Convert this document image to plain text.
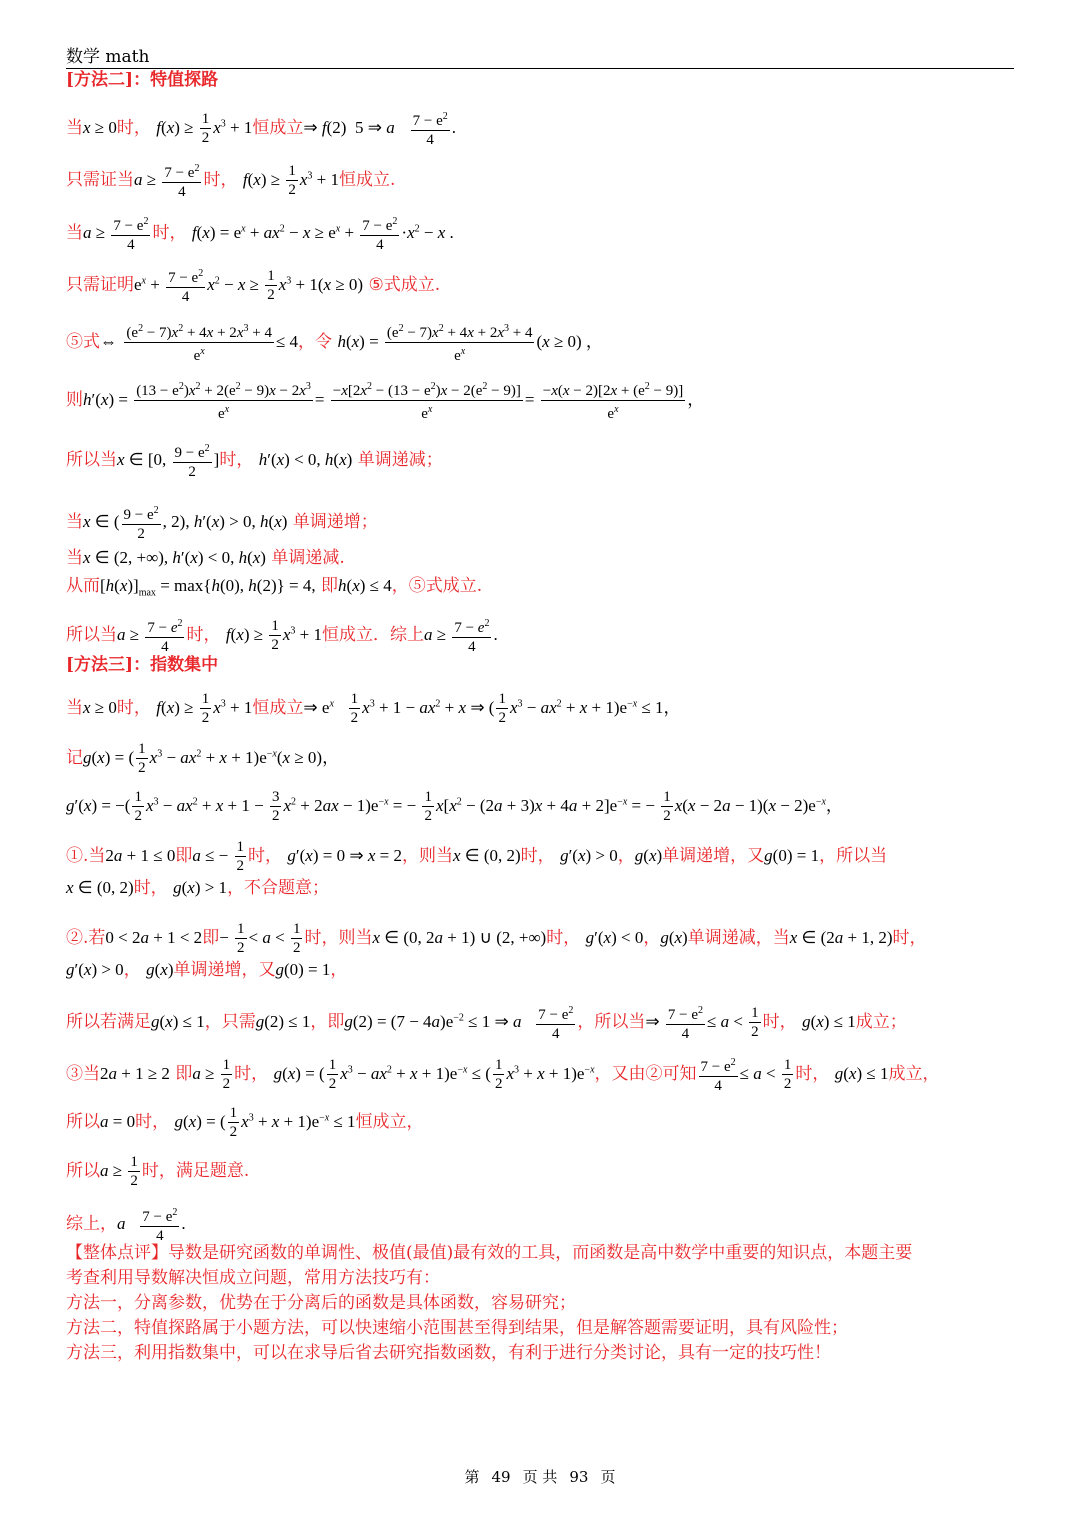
数学 math
[方法二]：特值探路
当x ≥ 0时， $f(x) \ge \frac{1}{2} x^3 + 1$恒成立⇒ f(2)  5 ⇒ a $\frac{7 - e^2}{4}$ .
只需证当$a \ge \frac{7 - e^2}{4}$ 时， $f(x) \ge \frac{1}{2} x^3 + 1$恒成立.
当$a \ge \frac{7 - e^2}{4}$ 时， $f(x) = e^x + ax^2 - x \ge e^x + \frac{7 - e^2}{4} \cdot x^2 - x$ .
只需证明$e^x + \frac{7 - e^2}{4} x^2 - x \ge \frac{1}{2} x^3 + 1(x \ge 0)$ ⑤式成立.
⑤式⇔ $\frac{(e^2 - 7)x^2 + 4x + 2x^3 + 4}{e^x} \le 4$，令 $h(x) = \frac{(e^2 - 7)x^2 + 4x + 2x^3 + 4}{e^x} (x \ge 0)$ ，
则$h'(x) = \frac{(13 - e^2)x^2 + 2(e^2 - 9)x - 2x^3}{e^x} = \frac{-x[2x^2 - (13 - e^2)x - 2(e^2 - 9)]}{e^x} = \frac{-x(x - 2)[2x + (e^2 - 9)]}{e^x}$ ，
所以当x ∈ [0, $\frac{9 - e^2}{2}$ ]时， h′(x) < 0, h(x) 单调递减；
当x ∈ ( $\frac{9 - e^2}{2}$ , 2), h′(x) > 0, h(x) 单调递增；
当x ∈ (2, +∞), h′(x) < 0, h(x) 单调递减.
从而$[h(x)]_{max} = \max\{h(0)$, h(2)} = 4, 即h(x) ≤ 4，⑤式成立.
所以当$a \ge \frac{7 - e^2}{4}$ 时， $f(x) \ge \frac{1}{2} x^3 + 1$恒成立．综上$a \ge \frac{7 - e^2}{4}$ .
[方法三]：指数集中
当x ≥ 0时， $f(x) \ge \frac{1}{2} x^3 + 1$恒成立⇒ $e^x \frac{1}{2} x^3 + 1 - ax^2 + x$ ⇒ ( $\frac{1}{2} x^3 - ax^2 + x + 1)e^{-x} \le 1$，
记g(x) = ( $\frac{1}{2} x^3 - ax^2 + x + 1)e^{-x}(x \ge 0)$，
g′(x) = −( $\frac{1}{2} x^3 - ax^2 + x + 1 - \frac{3}{2} x^2 + 2ax - 1)e^{-x}$ = − $\frac{1}{2} x[x^2 - (2a + 3)x + 4a + 2]e^{-x}$ = − $\frac{1}{2} x(x - 2a - 1)(x - 2)e^{-x}$，
①.当2a + 1 ≤ 0即a ≤ − $\frac{1}{2}$ 时， g′(x) = 0 ⇒ x = 2，则当x ∈ (0, 2)时， g′(x) > 0，g(x)单调递增，又g(0) = 1，所以当
x ∈ (0, 2)时， g(x) > 1，不合题意；
②.若0 < 2a + 1 < 2即− $\frac{1}{2} < a < \frac{1}{2}$ 时，则当x ∈ (0, 2a + 1) ∪ (2, +∞)时， g′(x) < 0，g(x)单调递减，当x ∈ (2a + 1, 2)时，
g′(x) > 0， g(x)单调递增，又g(0) = 1，
所以若满足g(x) ≤ 1，只需g(2) ≤ 1，即$g(2) = (7 - 4a)e^{-2} \le 1$ ⇒ a $\frac{7 - e^2}{4}$ ，所以当⇒ $\frac{7 - e^2}{4} \le a < \frac{1}{2}$ 时， g(x) ≤ 1成立；
③当2a + 1 ≥ 2 即$a \ge \frac{1}{2}$ 时， g(x) = ( $\frac{1}{2} x^3 - ax^2 + x + 1)e^{-x}$ ≤ ( $\frac{1}{2} x^3 + x + 1)e^{-x}$，又由②可知 $\frac{7 - e^2}{4} \le a < \frac{1}{2}$ 时， g(x) ≤ 1成立，
所以a = 0时， g(x) = ( $\frac{1}{2} x^3 + x + 1)e^{-x} \le 1$恒成立，
所以$a \ge \frac{1}{2}$ 时，满足题意.
综上，a $\frac{7 - e^2}{4}$ .
【整体点评】导数是研究函数的单调性、极值(最值)最有效的工具，而函数是高中数学中重要的知识点，本题主要
考查利用导数解决恒成立问题，常用方法技巧有：
方法一，分离参数，优势在于分离后的函数是具体函数，容易研究；
方法二，特值探路属于小题方法，可以快速缩小范围甚至得到结果，但是解答题需要证明，具有风险性；
方法三，利用指数集中，可以在求导后省去研究指数函数，有利于进行分类讨论，具有一定的技巧性！
第 49 页 共 93 页
